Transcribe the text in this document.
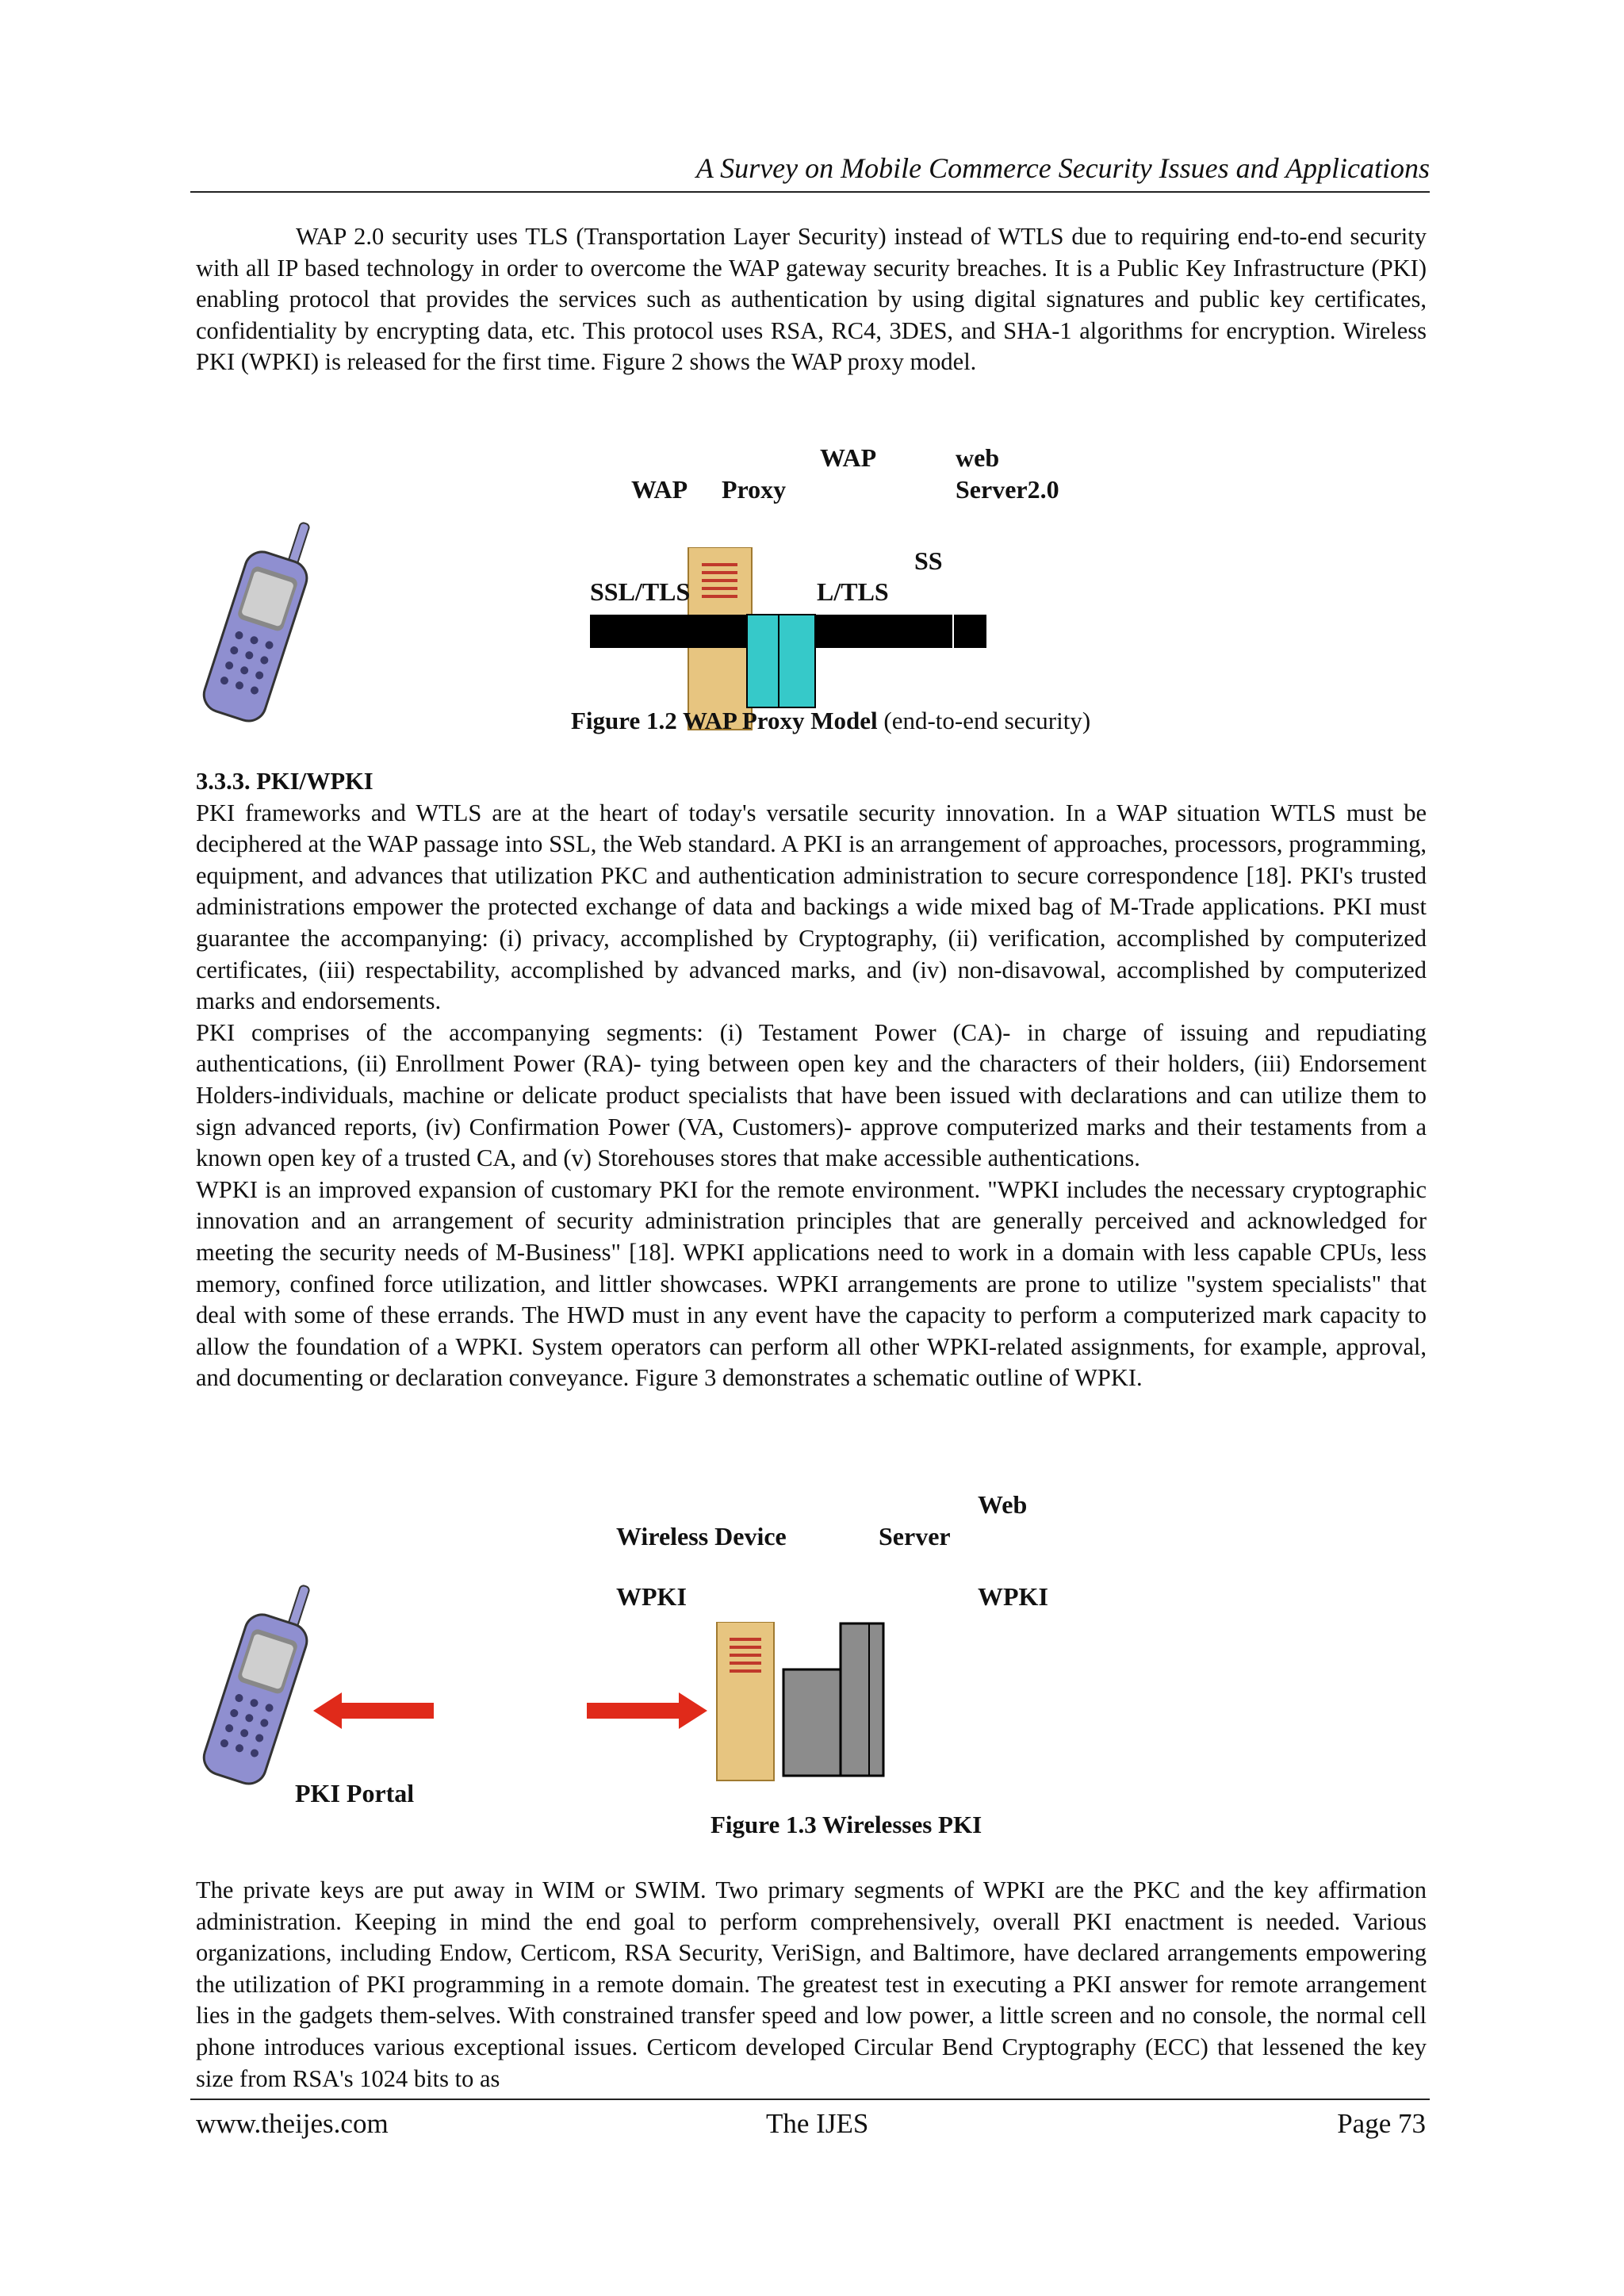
A Survey on Mobile Commerce Security Issues and Applications

WAP 2.0 security uses TLS (Transportation Layer Security) instead of WTLS due to requiring end-to-end security with all IP based technology in order to overcome the WAP gateway security breaches. It is a Public Key Infrastructure (PKI) enabling protocol that provides the services such as authentication by using digital signatures and public key certificates, confidentiality by encrypting data, etc. This protocol uses RSA, RC4, 3DES, and SHA-1 algorithms for encryption. Wireless PKI (WPKI) is released for the first time. Figure 2 shows the WAP proxy model.

WAP	web
WAP Proxy	Server2.0
SS
SSL/TLS	L/TLS
Figure 1.2 WAP Proxy Model (end-to-end security)

3.3.3. PKI/WPKI

PKI frameworks and WTLS are at the heart of today's versatile security innovation. In a WAP situation WTLS must be deciphered at the WAP passage into SSL, the Web standard. A PKI is an arrangement of approaches, processors, programming, equipment, and advances that utilization PKC and authentication administration to secure correspondence [18]. PKI's trusted administrations empower the protected exchange of data and backings a wide mixed bag of M-Trade applications. PKI must guarantee the accompanying: (i) privacy, accomplished by Cryptography, (ii) verification, accomplished by computerized certificates, (iii) respectability, accomplished by advanced marks, and (iv) non-disavowal, accomplished by computerized marks and endorsements.

PKI comprises of the accompanying segments: (i) Testament Power (CA)- in charge of issuing and repudiating authentications, (ii) Enrollment Power (RA)- tying between open key and the characters of their holders, (iii) Endorsement Holders-individuals, machine or delicate product specialists that have been issued with declarations and can utilize them to sign advanced reports, (iv) Confirmation Power (VA, Customers)- approve computerized marks and their testaments from a known open key of a trusted CA, and (v) Storehouses stores that make accessible authentications.

WPKI is an improved expansion of customary PKI for the remote environment. "WPKI includes the necessary cryptographic innovation and an arrangement of security administration principles that are generally perceived and acknowledged for meeting the security needs of M-Business" [18]. WPKI applications need to work in a domain with less capable CPUs, less memory, confined force utilization, and littler showcases. WPKI arrangements are prone to utilize "system specialists" that deal with some of these errands. The HWD must in any event have the capacity to perform a computerized mark capacity to allow the foundation of a WPKI. System operators can perform all other WPKI-related assignments, for example, approval, and documenting or declaration conveyance. Figure 3 demonstrates a schematic outline of WPKI.

Web
Wireless Device	Server
WPKI	WPKI
PKI Portal
Figure 1.3 Wirelesses PKI

The private keys are put away in WIM or SWIM. Two primary segments of WPKI are the PKC and the key affirmation administration. Keeping in mind the end goal to perform comprehensively, overall PKI enactment is needed. Various organizations, including Endow, Certicom, RSA Security, VeriSign, and Baltimore, have declared arrangements empowering the utilization of PKI programming in a remote domain. The greatest test in executing a PKI answer for remote arrangement lies in the gadgets them-selves. With constrained transfer speed and low power, a little screen and no console, the normal cell phone introduces various exceptional issues. Certicom developed Circular Bend Cryptography (ECC) that lessened the key size from RSA's 1024 bits to as

www.theijes.com	The IJES	Page 73
